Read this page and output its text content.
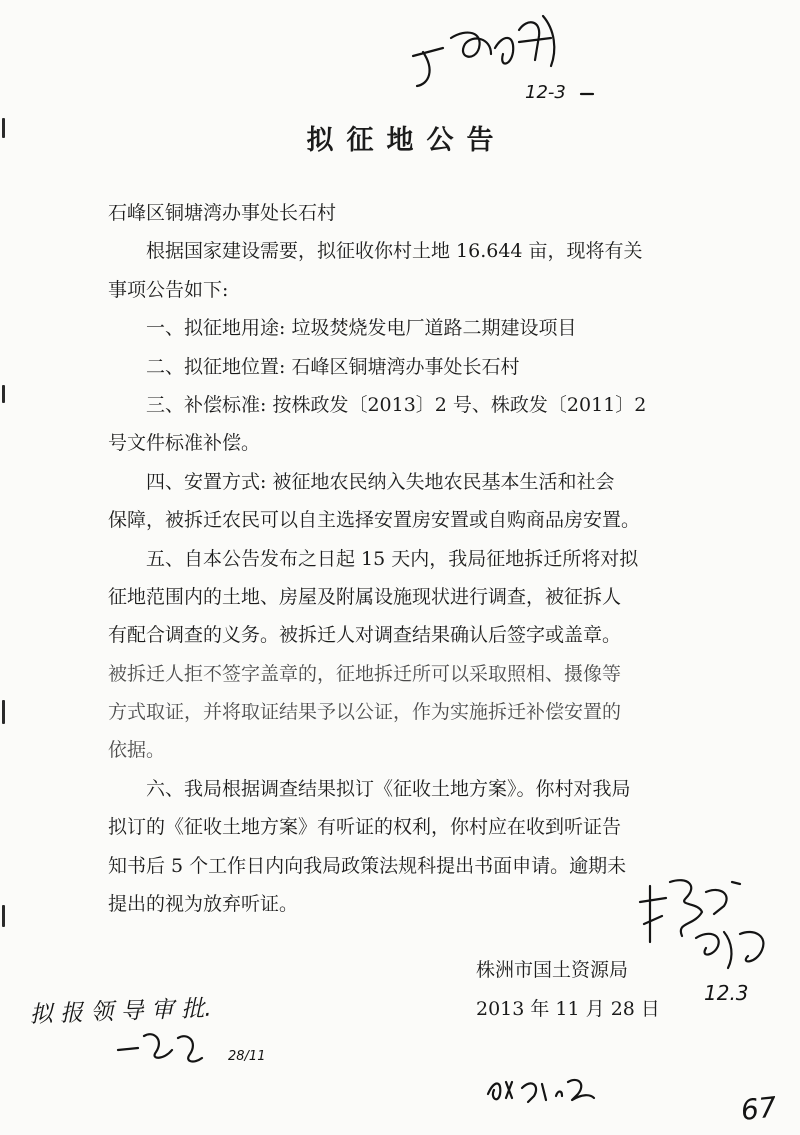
12-3
拟征地公告
石峰区铜塘湾办事处长石村
根据国家建设需要，拟征收你村土地 16.644 亩，现将有关
事项公告如下:
一、拟征地用途: 垃圾焚烧发电厂道路二期建设项目
二、拟征地位置: 石峰区铜塘湾办事处长石村
三、补偿标准: 按株政发〔2013〕2 号、株政发〔2011〕2
号文件标准补偿。
四、安置方式: 被征地农民纳入失地农民基本生活和社会
保障，被拆迁农民可以自主选择安置房安置或自购商品房安置。
五、自本公告发布之日起 15 天内，我局征地拆迁所将对拟
征地范围内的土地、房屋及附属设施现状进行调查，被征拆人
有配合调查的义务。被拆迁人对调查结果确认后签字或盖章。
被拆迁人拒不签字盖章的，征地拆迁所可以采取照相、摄像等
方式取证，并将取证结果予以公证，作为实施拆迁补偿安置的
依据。
六、我局根据调查结果拟订《征收土地方案》。你村对我局
拟订的《征收土地方案》有听证的权利，你村应在收到听证告
知书后 5 个工作日内向我局政策法规科提出书面申请。逾期未
提出的视为放弃听证。
株洲市国土资源局
2013 年 11 月 28 日
12.3
拟 报 领 导 审 批.
28/11
67
